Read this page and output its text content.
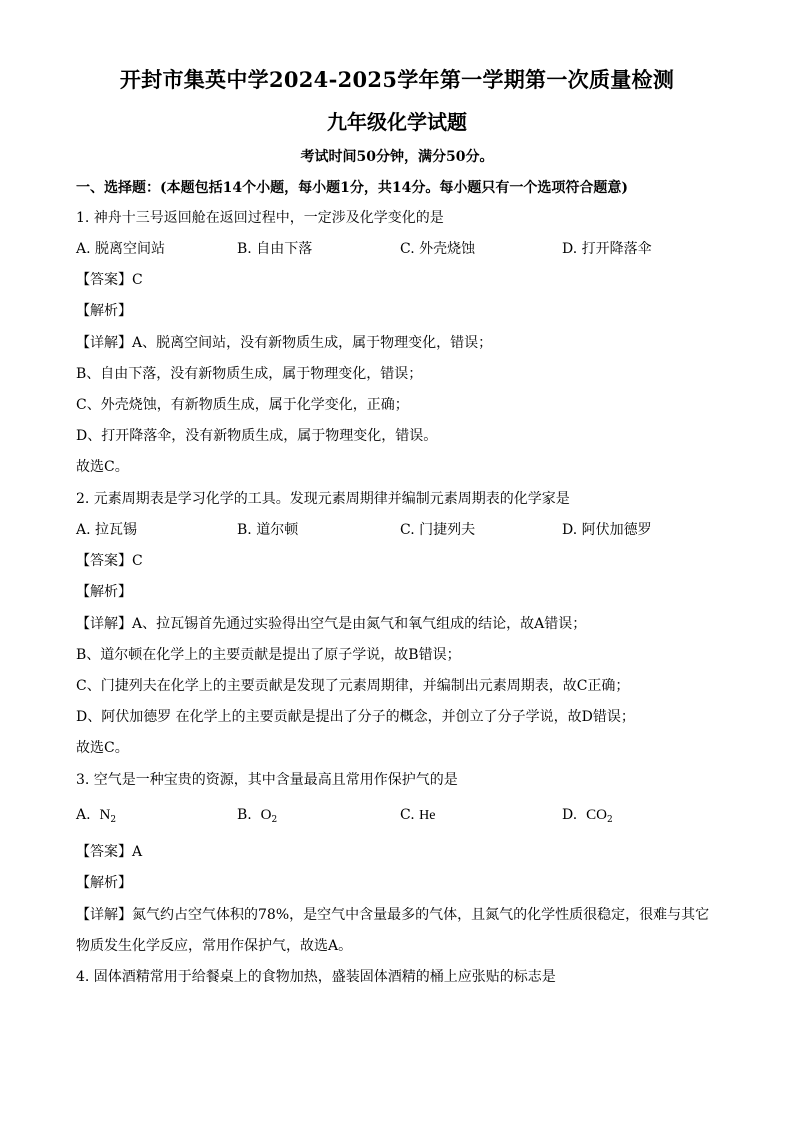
开封市集英中学2024-2025学年第一学期第一次质量检测
九年级化学试题
考试时间50分钟，满分50分。
一、选择题：(本题包括14个小题，每小题1分，共14分。每小题只有一个选项符合题意)
1. 神舟十三号返回舱在返回过程中，一定涉及化学变化的是
A. 脱离空间站	B. 自由下落	C. 外壳烧蚀	D. 打开降落伞
【答案】C
【解析】
【详解】A、脱离空间站，没有新物质生成，属于物理变化，错误；
B、自由下落，没有新物质生成，属于物理变化，错误；
C、外壳烧蚀，有新物质生成，属于化学变化，正确；
D、打开降落伞，没有新物质生成，属于物理变化，错误。
故选C。
2. 元素周期表是学习化学的工具。发现元素周期律并编制元素周期表的化学家是
A. 拉瓦锡	B. 道尔顿	C. 门捷列夫	D. 阿伏加德罗
【答案】C
【解析】
【详解】A、拉瓦锡首先通过实验得出空气是由氮气和氧气组成的结论，故A错误；
B、道尔顿在化学上的主要贡献是提出了原子学说，故B错误；
C、门捷列夫在化学上的主要贡献是发现了元素周期律，并编制出元素周期表，故C正确；
D、阿伏加德罗 在化学上的主要贡献是提出了分子的概念，并创立了分子学说，故D错误；
故选C。
3. 空气是一种宝贵的资源，其中含量最高且常用作保护气的是
A. $N_2$	B. $O_2$	C. He	D. $CO_2$
【答案】A
【解析】
【详解】氮气约占空气体积的78%，是空气中含量最多的气体，且氮气的化学性质很稳定，很难与其它
物质发生化学反应，常用作保护气，故选A。
4. 固体酒精常用于给餐桌上的食物加热，盛装固体酒精的桶上应张贴的标志是
